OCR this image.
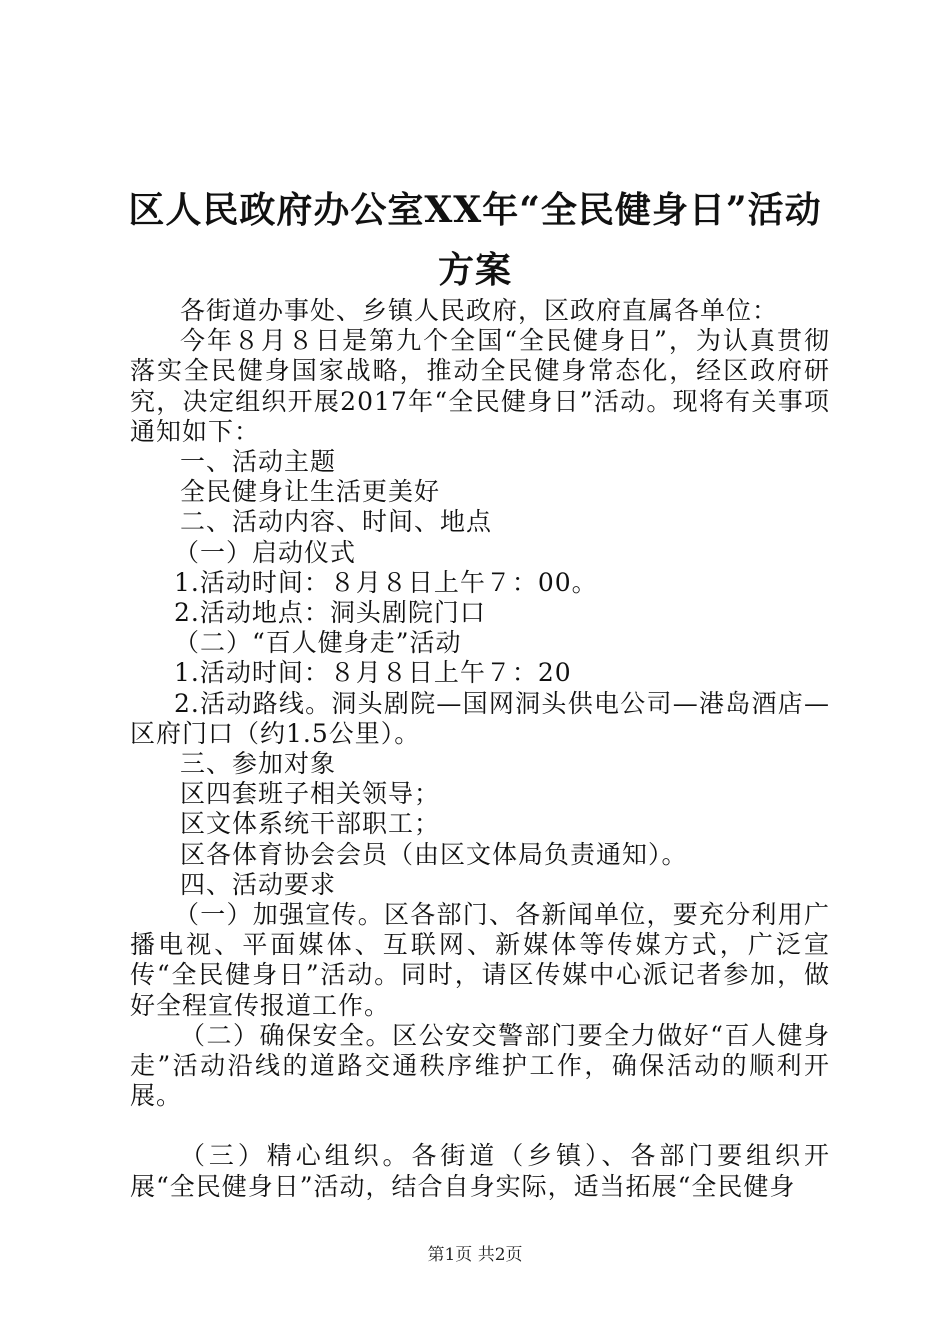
区人民政府办公室XX年“全民健身日”活动
方案

各街道办事处、乡镇人民政府，区政府直属各单位：

今年８月８日是第九个全国“全民健身日”，为认真贯彻落实全民健身国家战略，推动全民健身常态化，经区政府研究，决定组织开展2017年“全民健身日”活动。现将有关事项通知如下：

一、活动主题

全民健身让生活更美好

二、活动内容、时间、地点

（一）启动仪式

1.活动时间：８月８日上午７：00。

2.活动地点：洞头剧院门口

（二）“百人健身走”活动

1.活动时间：８月８日上午７：20

2.活动路线。洞头剧院—国网洞头供电公司—港岛酒店—区府门口（约1.5公里）。

三、参加对象

区四套班子相关领导；

区文体系统干部职工；

区各体育协会会员（由区文体局负责通知）。

四、活动要求

（一）加强宣传。区各部门、各新闻单位，要充分利用广播电视、平面媒体、互联网、新媒体等传媒方式，广泛宣传“全民健身日”活动。同时，请区传媒中心派记者参加，做好全程宣传报道工作。

（二）确保安全。区公安交警部门要全力做好“百人健身走”活动沿线的道路交通秩序维护工作，确保活动的顺利开展。

（三）精心组织。各街道（乡镇）、各部门要组织开展“全民健身日”活动，结合自身实际，适当拓展“全民健身

第1页 共2页
